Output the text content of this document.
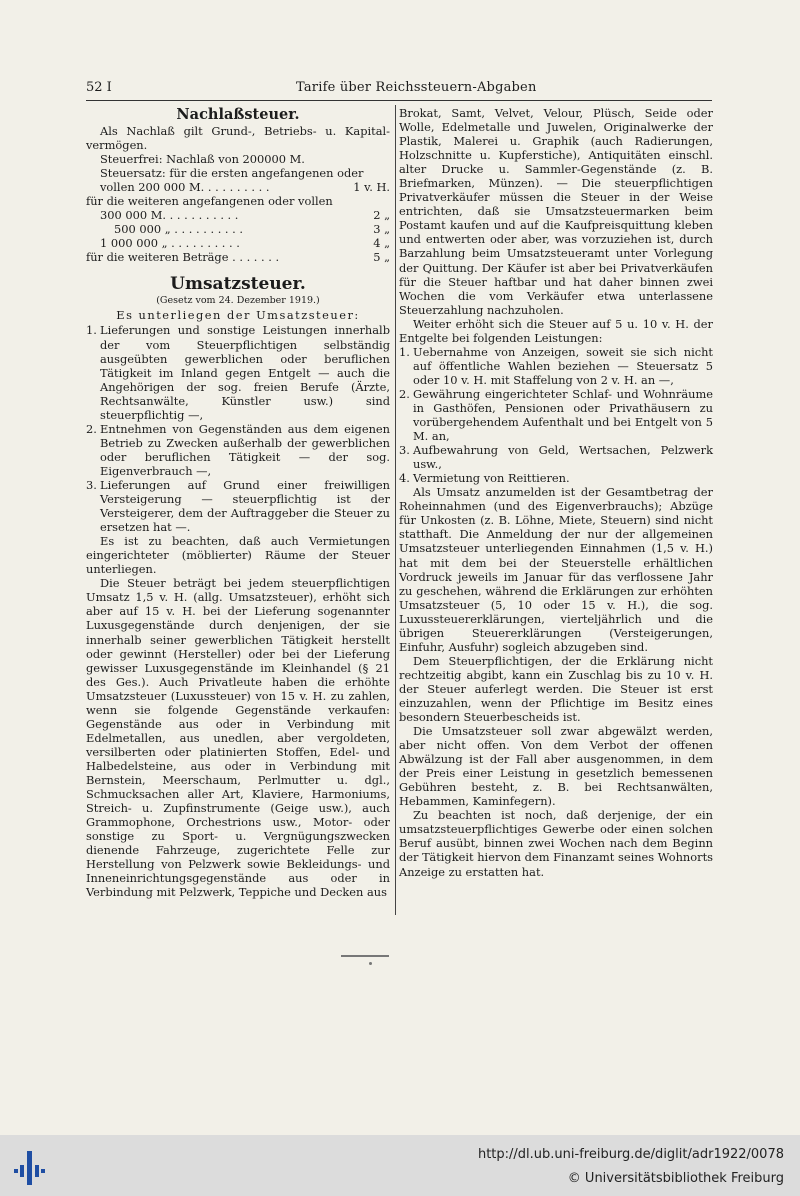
52 I	Tarife über Reichssteuern-Abgaben
Nachlaßsteuer.

Als Nachlaß gilt Grund-, Betriebs- u. Kapital-vermögen.

Steuerfrei: Nachlaß von 200000 M.

Steuersatz: für die ersten angefangenen oder

vollen 200 000 M. . . . . . . . . .	1 v. H.

für die weiteren angefangenen oder vollen

300 000 M. . . . . . . . . . .	2 „
500 000 „ . . . . . . . . . .	3 „
1 000 000 „ . . . . . . . . . .	4 „
für die weiteren Beträge . . . . . . .	5 „
Umsatzsteuer.
(Gesetz vom 24. Dezember 1919.)
Es unterliegen der Umsatzsteuer:
1. Lieferungen und sonstige Leistungen innerhalb der vom Steuerpflichtigen selbständig ausgeübten gewerblichen oder beruflichen Tätigkeit im Inland gegen Entgelt — auch die Angehörigen der sog. freien Berufe (Ärzte, Rechtsanwälte, Künstler usw.) sind steuerpflichtig —,
2. Entnehmen von Gegenständen aus dem eigenen Betrieb zu Zwecken außerhalb der gewerblichen oder beruflichen Tätigkeit — der sog. Eigenverbrauch —,
3. Lieferungen auf Grund einer freiwilligen Versteigerung — steuerpflichtig ist der Versteigerer, dem der Auftraggeber die Steuer zu ersetzen hat —.

Es ist zu beachten, daß auch Vermietungen eingerichteter (möblierter) Räume der Steuer unterliegen.

Die Steuer beträgt bei jedem steuerpflichtigen Umsatz 1,5 v. H. (allg. Umsatzsteuer), erhöht sich aber auf 15 v. H. bei der Lieferung sogenannter Luxusgegenstände durch denjenigen, der sie innerhalb seiner gewerblichen Tätigkeit herstellt oder gewinnt (Hersteller) oder bei der Lieferung gewisser Luxusgegenstände im Kleinhandel (§ 21 des Ges.). Auch Privatleute haben die erhöhte Umsatzsteuer (Luxussteuer) von 15 v. H. zu zahlen, wenn sie folgende Gegenstände verkaufen: Gegenstände aus oder in Verbindung mit Edelmetallen, aus unedlen, aber vergoldeten, versilberten oder platinierten Stoffen, Edel- und Halbedelsteine, aus oder in Verbindung mit Bernstein, Meerschaum, Perlmutter u. dgl., Schmucksachen aller Art, Klaviere, Harmoniums, Streich- u. Zupfinstrumente (Geige usw.), auch Grammophone, Orchestrions usw., Motor- oder sonstige zu Sport- u. Vergnügungszwecken dienende Fahrzeuge, zugerichtete Felle zur Herstellung von Pelzwerk sowie Bekleidungs- und Inneneinrichtungsgegenstände aus oder in Verbindung mit Pelzwerk, Teppiche und Decken aus

Brokat, Samt, Velvet, Velour, Plüsch, Seide oder Wolle, Edelmetalle und Juwelen, Originalwerke der Plastik, Malerei u. Graphik (auch Radierungen, Holzschnitte u. Kupferstiche), Antiquitäten einschl. alter Drucke u. Sammler-Gegenstände (z. B. Briefmarken, Münzen). — Die steuerpflichtigen Privatverkäufer müssen die Steuer in der Weise entrichten, daß sie Umsatzsteuermarken beim Postamt kaufen und auf die Kaufpreisquittung kleben und entwerten oder aber, was vorzuziehen ist, durch Barzahlung beim Umsatzsteueramt unter Vorlegung der Quittung. Der Käufer ist aber bei Privatverkäufen für die Steuer haftbar und hat daher binnen zwei Wochen die vom Verkäufer etwa unterlassene Steuerzahlung nachzuholen.

Weiter erhöht sich die Steuer auf 5 u. 10 v. H. der Entgelte bei folgenden Leistungen:

1. Uebernahme von Anzeigen, soweit sie sich nicht auf öffentliche Wahlen beziehen — Steuersatz 5 oder 10 v. H. mit Staffelung von 2 v. H. an —,
2. Gewährung eingerichteter Schlaf- und Wohnräume in Gasthöfen, Pensionen oder Privathäusern zu vorübergehendem Aufenthalt und bei Entgelt von 5 M. an,
3. Aufbewahrung von Geld, Wertsachen, Pelzwerk usw.,
4. Vermietung von Reittieren.

Als Umsatz anzumelden ist der Gesamtbetrag der Roheinnahmen (und des Eigenverbrauchs); Abzüge für Unkosten (z. B. Löhne, Miete, Steuern) sind nicht statthaft. Die Anmeldung der nur der allgemeinen Umsatzsteuer unterliegenden Einnahmen (1,5 v. H.) hat mit dem bei der Steuerstelle erhältlichen Vordruck jeweils im Januar für das verflossene Jahr zu geschehen, während die Erklärungen zur erhöhten Umsatzsteuer (5, 10 oder 15 v. H.), die sog. Luxussteuererklärungen, vierteljährlich und die übrigen Steuererklärungen (Versteigerungen, Einfuhr, Ausfuhr) sogleich abzugeben sind.

Dem Steuerpflichtigen, der die Erklärung nicht rechtzeitig abgibt, kann ein Zuschlag bis zu 10 v. H. der Steuer auferlegt werden. Die Steuer ist erst einzuzahlen, wenn der Pflichtige im Besitz eines besondern Steuerbescheids ist.

Die Umsatzsteuer soll zwar abgewälzt werden, aber nicht offen. Von dem Verbot der offenen Abwälzung ist der Fall aber ausgenommen, in dem der Preis einer Leistung in gesetzlich bemessenen Gebühren besteht, z. B. bei Rechtsanwälten, Hebammen, Kaminfegern).

Zu beachten ist noch, daß derjenige, der ein umsatzsteuerpflichtiges Gewerbe oder einen solchen Beruf ausübt, binnen zwei Wochen nach dem Beginn der Tätigkeit hiervon dem Finanzamt seines Wohnorts Anzeige zu erstatten hat.

http://dl.ub.uni-freiburg.de/diglit/adr1922/0078
© Universitätsbibliothek Freiburg
